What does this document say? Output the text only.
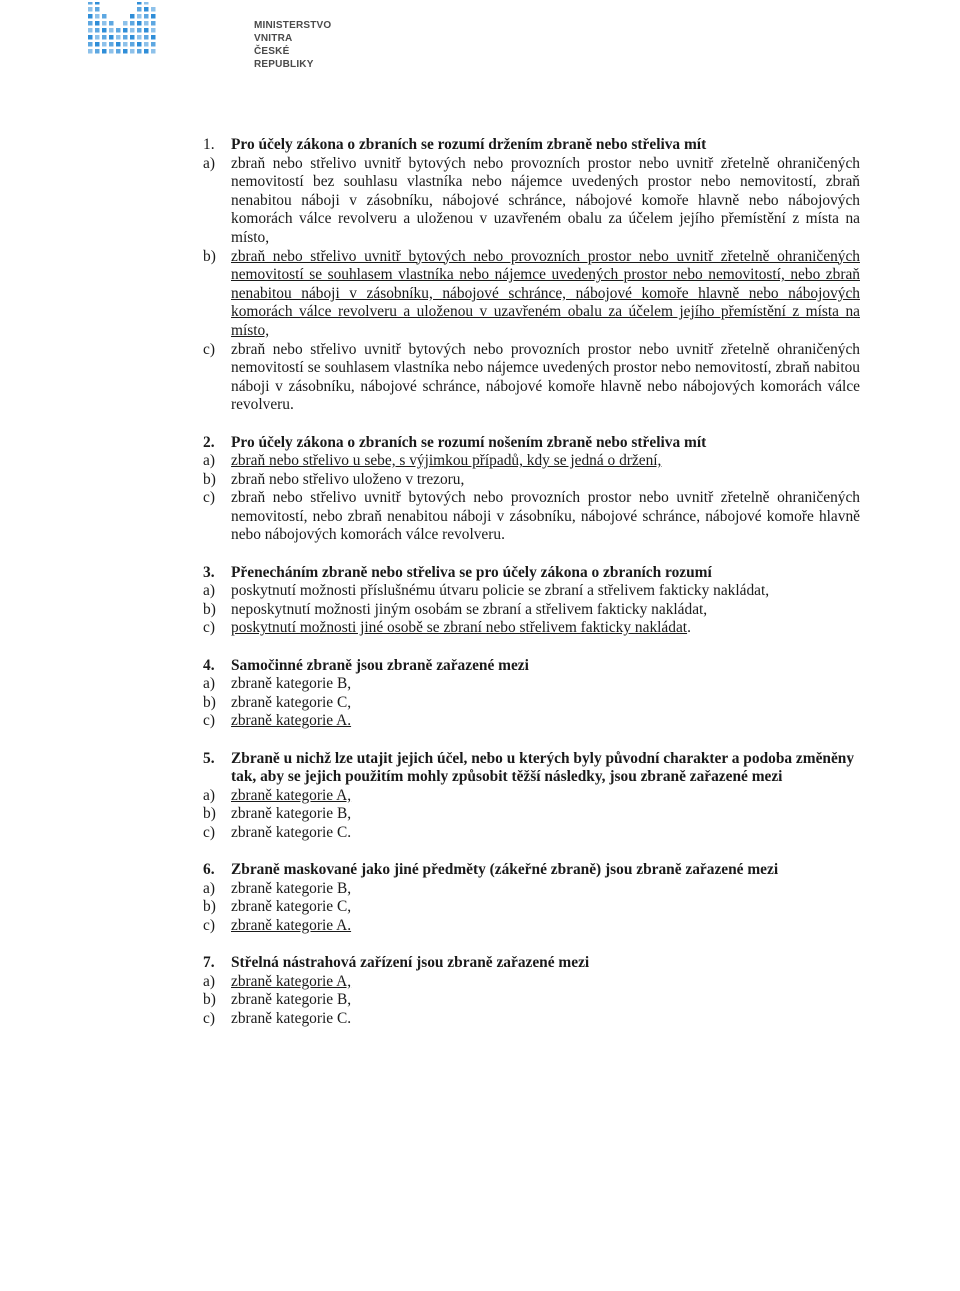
MINISTERSTVO VNITRA
ČESKÉ REPUBLIKY
1.	Pro účely zákona o zbraních se rozumí držením zbraně nebo střeliva mít
a)	zbraň nebo střelivo uvnitř bytových nebo provozních prostor nebo uvnitř zřetelně ohraničených nemovitostí bez souhlasu vlastníka nebo nájemce uvedených prostor nebo nemovitostí, zbraň nenabitou náboji v zásobníku, nábojové schránce, nábojové komoře hlavně nebo nábojových komorách válce revolveru a uloženou v uzavřeném obalu za účelem jejího přemístění z místa na místo,
b) zbraň nebo střelivo uvnitř bytových nebo provozních prostor nebo uvnitř zřetelně ohraničených nemovitostí se souhlasem vlastníka nebo nájemce uvedených prostor nebo nemovitostí, nebo zbraň nenabitou náboji v zásobníku, nábojové schránce, nábojové komoře hlavně nebo nábojových komorách válce revolveru a uloženou v uzavřeném obalu za účelem jejího přemístění z místa na místo,
c)	zbraň nebo střelivo uvnitř bytových nebo provozních prostor nebo uvnitř zřetelně ohraničených nemovitostí se souhlasem vlastníka nebo nájemce uvedených prostor nebo nemovitostí, zbraň nabitou náboji v zásobníku, nábojové schránce, nábojové komoře hlavně nebo nábojových komorách válce revolveru.
2.	Pro účely zákona o zbraních se rozumí nošením zbraně nebo střeliva mít
a)	zbraň nebo střelivo u sebe, s výjimkou případů, kdy se jedná o držení,
b) zbraň nebo střelivo uloženo v trezoru,
c)	zbraň nebo střelivo uvnitř bytových nebo provozních prostor nebo uvnitř zřetelně ohraničených nemovitostí, nebo zbraň nenabitou náboji v zásobníku, nábojové schránce, nábojové komoře hlavně nebo nábojových komorách válce revolveru.
3.	Přenecháním zbraně nebo střeliva se pro účely zákona o zbraních rozumí
a)	poskytnutí možnosti příslušnému útvaru policie se zbraní a střelivem fakticky nakládat,
b) neposkytnutí možnosti jiným osobám se zbraní a střelivem fakticky nakládat,
c)	poskytnutí možnosti jiné osobě se zbraní nebo střelivem fakticky nakládat.
4.	Samočinné zbraně jsou zbraně zařazené mezi
a)	zbraně kategorie B,
b) zbraně kategorie C,
c)	zbraně kategorie A.
5.	Zbraně u nichž lze utajit jejich účel, nebo u kterých byly původní charakter a podoba změněny tak, aby se jejich použitím mohly způsobit těžší následky, jsou zbraně zařazené mezi
a)	zbraně kategorie A,
b) zbraně kategorie B,
c)	zbraně kategorie C.
6.	Zbraně maskované jako jiné předměty (zákeřné zbraně) jsou zbraně zařazené mezi
a)	zbraně kategorie B,
b) zbraně kategorie C,
c)	zbraně kategorie A.
7.	Střelná nástrahová zařízení jsou zbraně zařazené mezi
a)	zbraně kategorie A,
b) zbraně kategorie B,
c)	zbraně kategorie C.
